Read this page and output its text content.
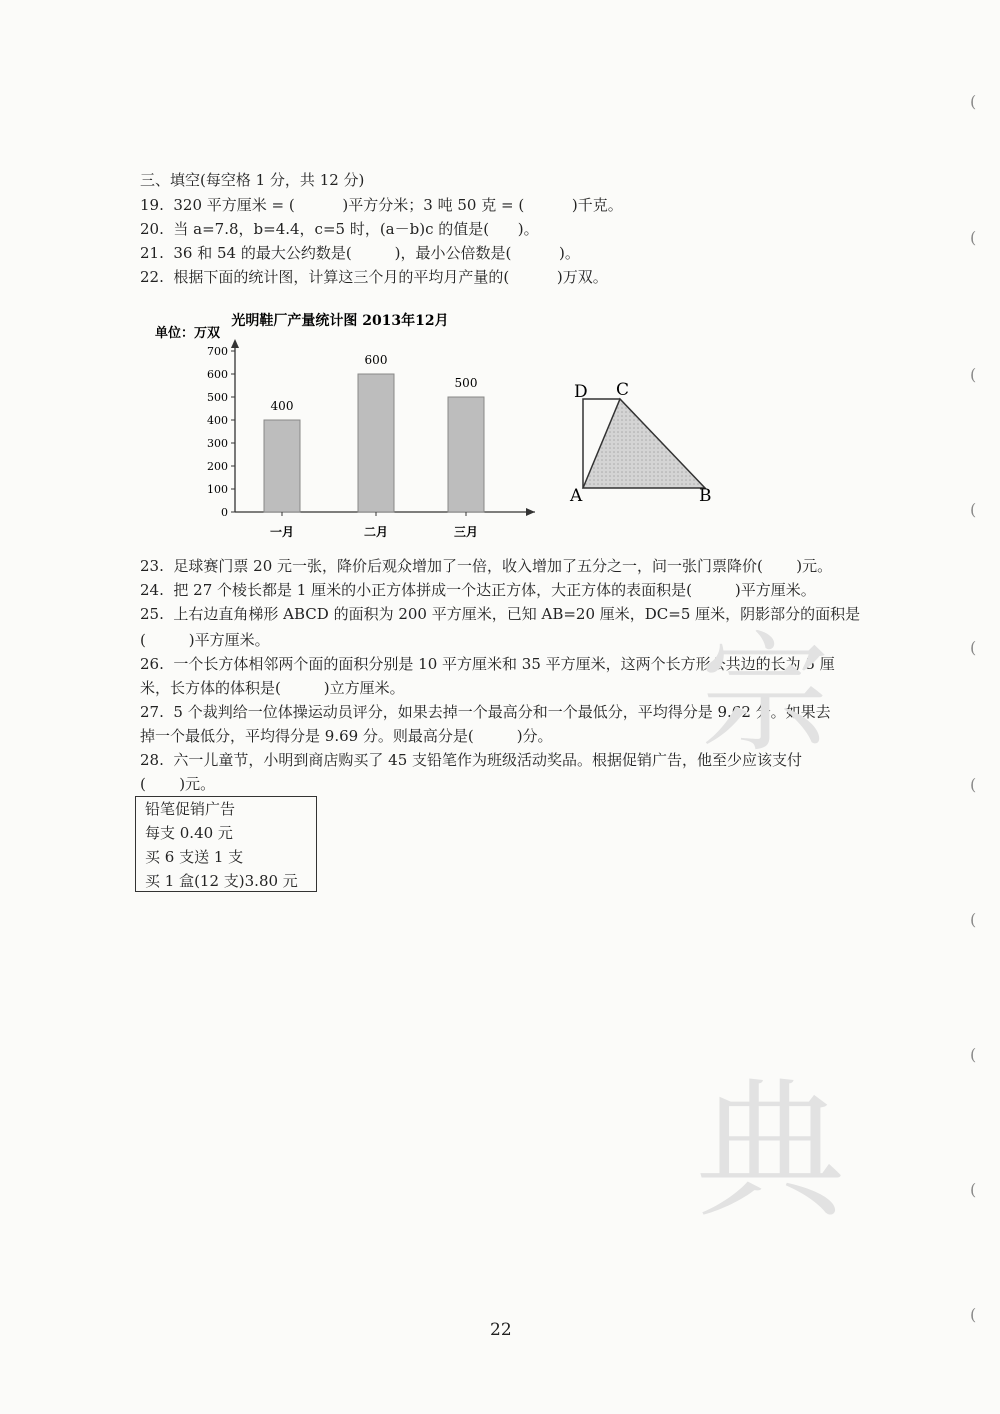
三、填空(每空格 1 分，共 12 分)
19.  320 平方厘米 = (          )平方分米；3 吨 50 克 = (          )千克。
20.  当 a=7.8，b=4.4，c=5 时，(a－b)c 的值是(      )。
21.  36 和 54 的最大公约数是(         )，最小公倍数是(          )。
22.  根据下面的统计图，计算这三个月的平均月产量的(          )万双。
光明鞋厂产量统计图 2013年12月
单位：万双
0
100
200
300
400
500
600
700
400
一月
600
二月
500
三月
D C
A	B
23.  足球赛门票 20 元一张，降价后观众增加了一倍，收入增加了五分之一，问一张门票降价(       )元。
24.  把 27 个棱长都是 1 厘米的小正方体拼成一个达正方体，大正方体的表面积是(         )平方厘米。
25.  上右边直角梯形 ABCD 的面积为 200 平方厘米，已知 AB=20 厘米，DC=5 厘米，阴影部分的面积是
(         )平方厘米。
26.  一个长方体相邻两个面的面积分别是 10 平方厘米和 35 平方厘米，这两个长方形公共边的长为 5 厘
米，长方体的体积是(         )立方厘米。
27.  5 个裁判给一位体操运动员评分，如果去掉一个最高分和一个最低分，平均得分是 9.62 分。如果去
掉一个最低分，平均得分是 9.69 分。则最高分是(         )分。
28.  六一儿童节，小明到商店购买了 45 支铅笔作为班级活动奖品。根据促销广告，他至少应该支付
(       )元。
铅笔促销广告
每支 0.40 元
买 6 支送 1 支
买 1 盒(12 支)3.80 元
宗
典
(
(
(
(
(
(
(
(
(
(
22
